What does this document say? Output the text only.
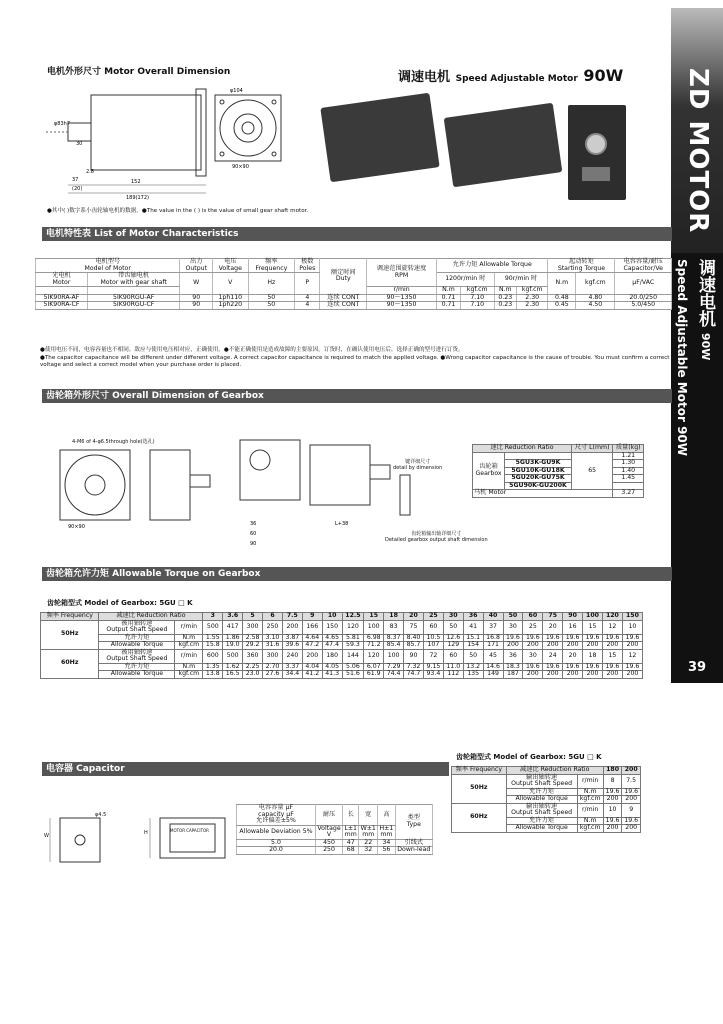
ZD MOTOR
调速电机 90W
Speed Adjustable Motor 90W
39
电机外形尺寸 Motor Overall Dimension	调速电机 Speed Adjustable Motor 90W
152
189(172)
37
(20)
30
2.8
φ83h7
φ104
90×90
●其中( )数字系小齿轮轴电机的数据。●The value in the ( ) is the value of small gear shaft motor.
电机特性表 List of Motor Characteristics
电机型号
Model of Motor		出力
Output	电压
Voltage	频率
Frequency	极数
Poles	额定时间
Duty	调速范围旋转速度
RPM	允许力矩 Allowable Torque				起动转矩
Starting Torque		电容容量/耐压
Capacitor/Ve
光电机
Motor	带齿轴电机
Motor with gear shaft	W	V	Hz	P			1200r/min 时		90r/min 时		N.m	kgf.cm	μF/VAC
							r/min	N.m	kgf.cm	N.m	kgf.cm			
5IK90RA-AF	5IK90RGU-AF	90	1ph110	50	4	连续 CONT	90～1350	0.71	7.10	0.23	2.30	0.48	4.80	20.0/250
5IK90RA-CF	5IK90RGU-CF	90	1ph220	50	4	连续 CONT	90～1350	0.71	7.10	0.23	2.30	0.45	4.50	5.0/450
●使用电压不同，电容容量也不相同。敌应与使用电压相对应，正确使用。●不能正确使用是造成故障的主要原因。订货时，在确认使用电压后，选择正确的型号进行订货。
●The capacitor capacitance will be different under different voltage. A correct capacitor capacitance is required to match the applied voltage. ●Wrong capacitor capacitance is the cause of trouble. You must confirm a correct voltage and select a correct model when your purchase order is placed.
齿轮箱外形尺寸 Overall Dimension of Gearbox
90×90	36
60
90
L+38
4-M6 of 4-φ6.5through hole(选孔)
键详细尺寸
detail by dimension
齿轮箱输出轴详细尺寸
Detailed gearbox output shaft dimension
速比 Reduction Ratio		尺寸 L(mm)	质量(kg)
齿轮箱
Gearbox		65	1.21
	5GU3K-GU9K		1.30
	5GU10K-GU18K		1.40
	5GU20K-GU75K		1.45
	5GU90K-GU200K		
马机 Motor			3.27
齿轮箱允许力矩 Allowable Torque on Gearbox
齿轮箱型式 Model of Gearbox: 5GU □ K
频率 Frequency	减速比 Reduction Ratio		3	3.6	5	6	7.5	9	10	12.5	15	18	20	25	30	36	40	50	60	75	90	100	120	150
50Hz	被用轴转速
Output Shaft Speed	r/min	500	417	300	250	200	166	150	120	100	83	75	60	50	41	37	30	25	20	16	15	12	10
	允许力矩	N.m	1.55	1.86	2.58	3.10	3.87	4.64	4.65	5.81	6.98	8.37	8.40	10.5	12.6	15.1	16.8	19.6	19.6	19.6	19.6	19.6	19.6	19.6
	Allowable Torque	kgf.cm	15.8	19.0	29.2	31.6	39.6	47.2	47.4	59.3	71.2	85.4	85.7	107	129	154	171	200	200	200	200	200	200	200
60Hz	被用轴转速
Output Shaft Speed	r/min	600	500	360	300	240	200	180	144	120	100	90	72	60	50	45	36	30	24	20	18	15	12
	允许力矩	N.m	1.35	1.62	2.25	2.70	3.37	4.04	4.05	5.06	6.07	7.29	7.32	9.15	11.0	13.2	14.6	18.3	19.6	19.6	19.6	19.6	19.6	19.6
	Allowable Torque	kgf.cm	13.8	16.5	23.0	27.6	34.4	41.2	41.3	51.6	61.9	74.4	74.7	93.4	112	135	149	187	200	200	200	200	200	200
电容器 Capacitor
φ4.5
W	H	MOTOR CAPACITOR
电容容量 μF
capacity μF
允许偏差±5%	耐压	长	宽	高	类型
Type
Allowable Deviation 5%	Voltage
V	L±1
mm	W±1
mm	H±1
mm	
5.0	450	47	22	34	引线式
20.0	250	68	32	56	Down-lead
齿轮箱型式 Model of Gearbox: 5GU □ K
频率 Frequency	减速比 Reduction Ratio		180	200
50Hz	输出轴转速
Output Shaft Speed	r/min	8	7.5
	允许力矩	N.m	19.6	19.6
	Allowable Torque	kgf.cm	200	200
60Hz	输出轴转速
Output Shaft Speed	r/min	10	9
	允许力矩	N.m	19.6	19.6
	Allowable Torque	kgf.cm	200	200
